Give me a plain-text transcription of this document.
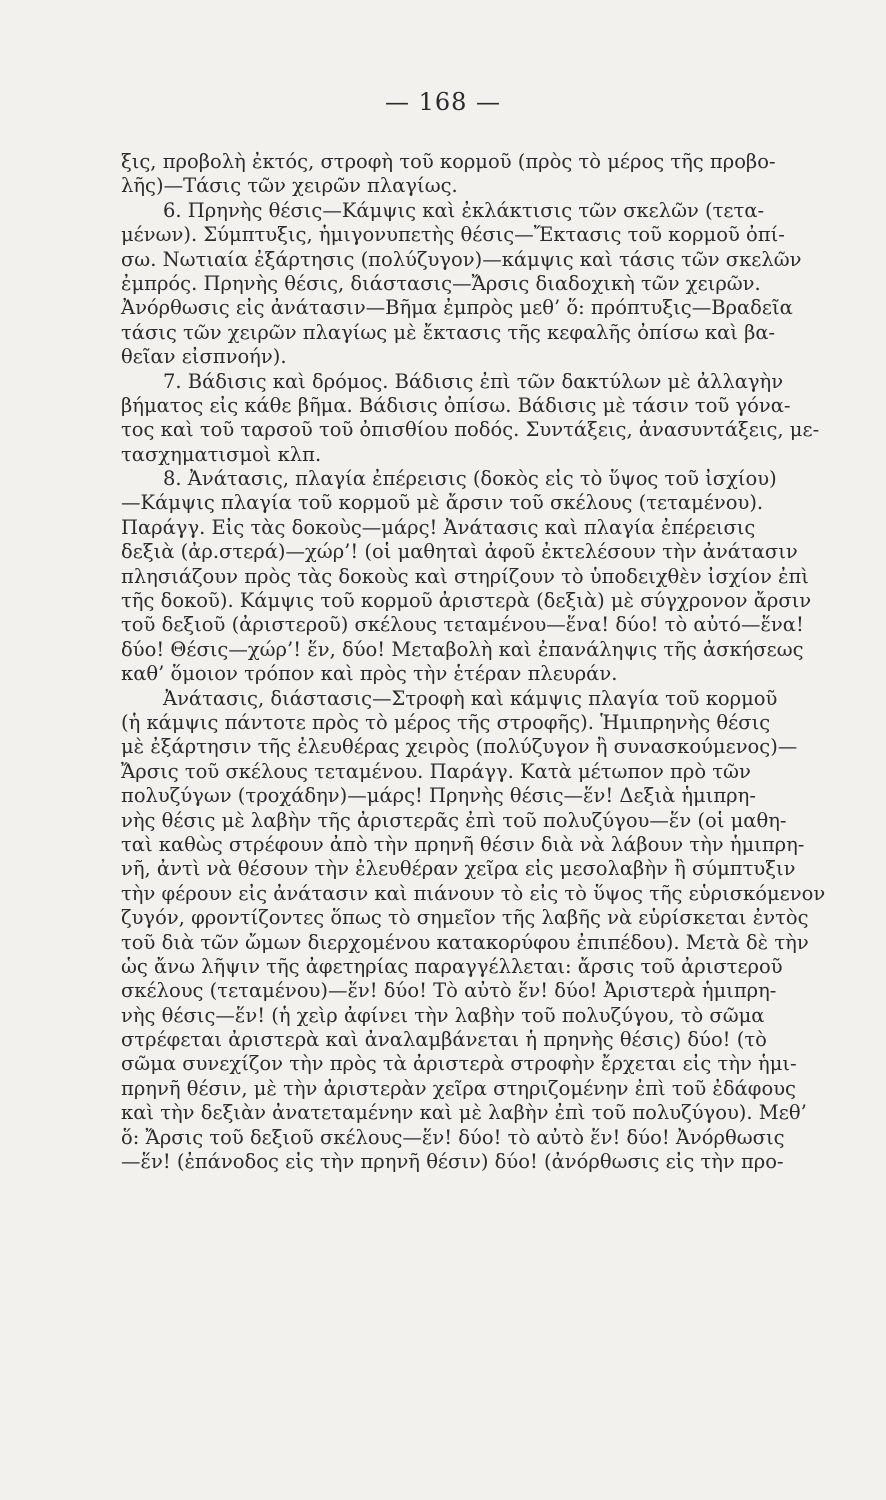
— 168 —
ξις, προβολὴ ἐκτός, στροφὴ τοῦ κορμοῦ (πρὸς τὸ μέρος τῆς προβο-
λῆς)—Τάσις τῶν χειρῶν πλαγίως.
6. Πρηνὴς θέσις—Κάμψις καὶ ἐκλάκτισις τῶν σκελῶν (τετα-
μένων). Σύμπτυξις, ἡμιγονυπετὴς θέσις—Ἔκτασις τοῦ κορμοῦ ὀπί-
σω. Νωτιαία ἐξάρτησις (πολύζυγον)—κάμψις καὶ τάσις τῶν σκελῶν
ἐμπρός. Πρηνὴς θέσις, διάστασις—Ἄρσις διαδοχικὴ τῶν χειρῶν.
Ἀνόρθωσις εἰς ἀνάτασιν—Βῆμα ἐμπρὸς μεθ’ ὅ: πρόπτυξις—Βραδεῖα
τάσις τῶν χειρῶν πλαγίως μὲ ἔκτασις τῆς κεφαλῆς ὀπίσω καὶ βα-
θεῖαν εἰσπνοήν).
7. Βάδισις καὶ δρόμος. Βάδισις ἐπὶ τῶν δακτύλων μὲ ἀλλαγὴν
βήματος εἰς κάθε βῆμα. Βάδισις ὀπίσω. Βάδισις μὲ τάσιν τοῦ γόνα-
τος καὶ τοῦ ταρσοῦ τοῦ ὀπισθίου ποδός. Συντάξεις, ἀνασυντάξεις, με-
τασχηματισμοὶ κλπ.
8. Ἀνάτασις, πλαγία ἐπέρεισις (δοκὸς εἰς τὸ ὕψος τοῦ ἰσχίου)
—Κάμψις πλαγία τοῦ κορμοῦ μὲ ἄρσιν τοῦ σκέλους (τεταμένου).
Παράγγ. Εἰς τὰς δοκοὺς—μάρς! Ἀνάτασις καὶ πλαγία ἐπέρεισις
δεξιὰ (ἀρ.στερά)—χώρ’! (οἱ μαθηταὶ ἀφοῦ ἐκτελέσουν τὴν ἀνάτασιν
πλησιάζουν πρὸς τὰς δοκοὺς καὶ στηρίζουν τὸ ὑποδειχθὲν ἰσχίον ἐπὶ
τῆς δοκοῦ). Κάμψις τοῦ κορμοῦ ἀριστερὰ (δεξιὰ) μὲ σύγχρονον ἄρσιν
τοῦ δεξιοῦ (ἀριστεροῦ) σκέλους τεταμένου—ἕνα! δύο! τὸ αὐτό—ἕνα!
δύο! Θέσις—χώρ’! ἕν, δύο! Μεταβολὴ καὶ ἐπανάληψις τῆς ἀσκήσεως
καθ’ ὅμοιον τρόπον καὶ πρὸς τὴν ἑτέραν πλευράν.
Ἀνάτασις, διάστασις—Στροφὴ καὶ κάμψις πλαγία τοῦ κορμοῦ
(ἡ κάμψις πάντοτε πρὸς τὸ μέρος τῆς στροφῆς). Ἡμιπρηνὴς θέσις
μὲ ἐξάρτησιν τῆς ἐλευθέρας χειρὸς (πολύζυγον ἢ συνασκούμενος)—
Ἄρσις τοῦ σκέλους τεταμένου. Παράγγ. Κατὰ μέτωπον πρὸ τῶν
πολυζύγων (τροχάδην)—μάρς! Πρηνὴς θέσις—ἕν! Δεξιὰ ἡμιπρη-
νὴς θέσις μὲ λαβὴν τῆς ἀριστερᾶς ἐπὶ τοῦ πολυζύγου—ἕν (οἱ μαθη-
ταὶ καθὼς στρέφουν ἀπὸ τὴν πρηνῆ θέσιν διὰ νὰ λάβουν τὴν ἡμιπρη-
νῆ, ἀντὶ νὰ θέσουν τὴν ἐλευθέραν χεῖρα εἰς μεσολαβὴν ἢ σύμπτυξιν
τὴν φέρουν εἰς ἀνάτασιν καὶ πιάνουν τὸ εἰς τὸ ὕψος τῆς εὑρισκόμενον
ζυγόν, φροντίζοντες ὅπως τὸ σημεῖον τῆς λαβῆς νὰ εὑρίσκεται ἐντὸς
τοῦ διὰ τῶν ὤμων διερχομένου κατακορύφου ἐπιπέδου). Μετὰ δὲ τὴν
ὡς ἄνω λῆψιν τῆς ἀφετηρίας παραγγέλλεται: ἄρσις τοῦ ἀριστεροῦ
σκέλους (τεταμένου)—ἕν! δύο! Τὸ αὐτὸ ἕν! δύο! Ἀριστερὰ ἡμιπρη-
νὴς θέσις—ἕν! (ἡ χεὶρ ἀφίνει τὴν λαβὴν τοῦ πολυζύγου, τὸ σῶμα
στρέφεται ἀριστερὰ καὶ ἀναλαμβάνεται ἡ πρηνὴς θέσις) δύο! (τὸ
σῶμα συνεχίζον τὴν πρὸς τὰ ἀριστερὰ στροφὴν ἔρχεται εἰς τὴν ἡμι-
πρηνῆ θέσιν, μὲ τὴν ἀριστερὰν χεῖρα στηριζομένην ἐπὶ τοῦ ἐδάφους
καὶ τὴν δεξιὰν ἀνατεταμένην καὶ μὲ λαβὴν ἐπὶ τοῦ πολυζύγου). Μεθ’
ὅ: Ἄρσις τοῦ δεξιοῦ σκέλους—ἕν! δύο! τὸ αὐτὸ ἕν! δύο! Ἀνόρθωσις
—ἕν! (ἐπάνοδος εἰς τὴν πρηνῆ θέσιν) δύο! (ἀνόρθωσις εἰς τὴν προ-
